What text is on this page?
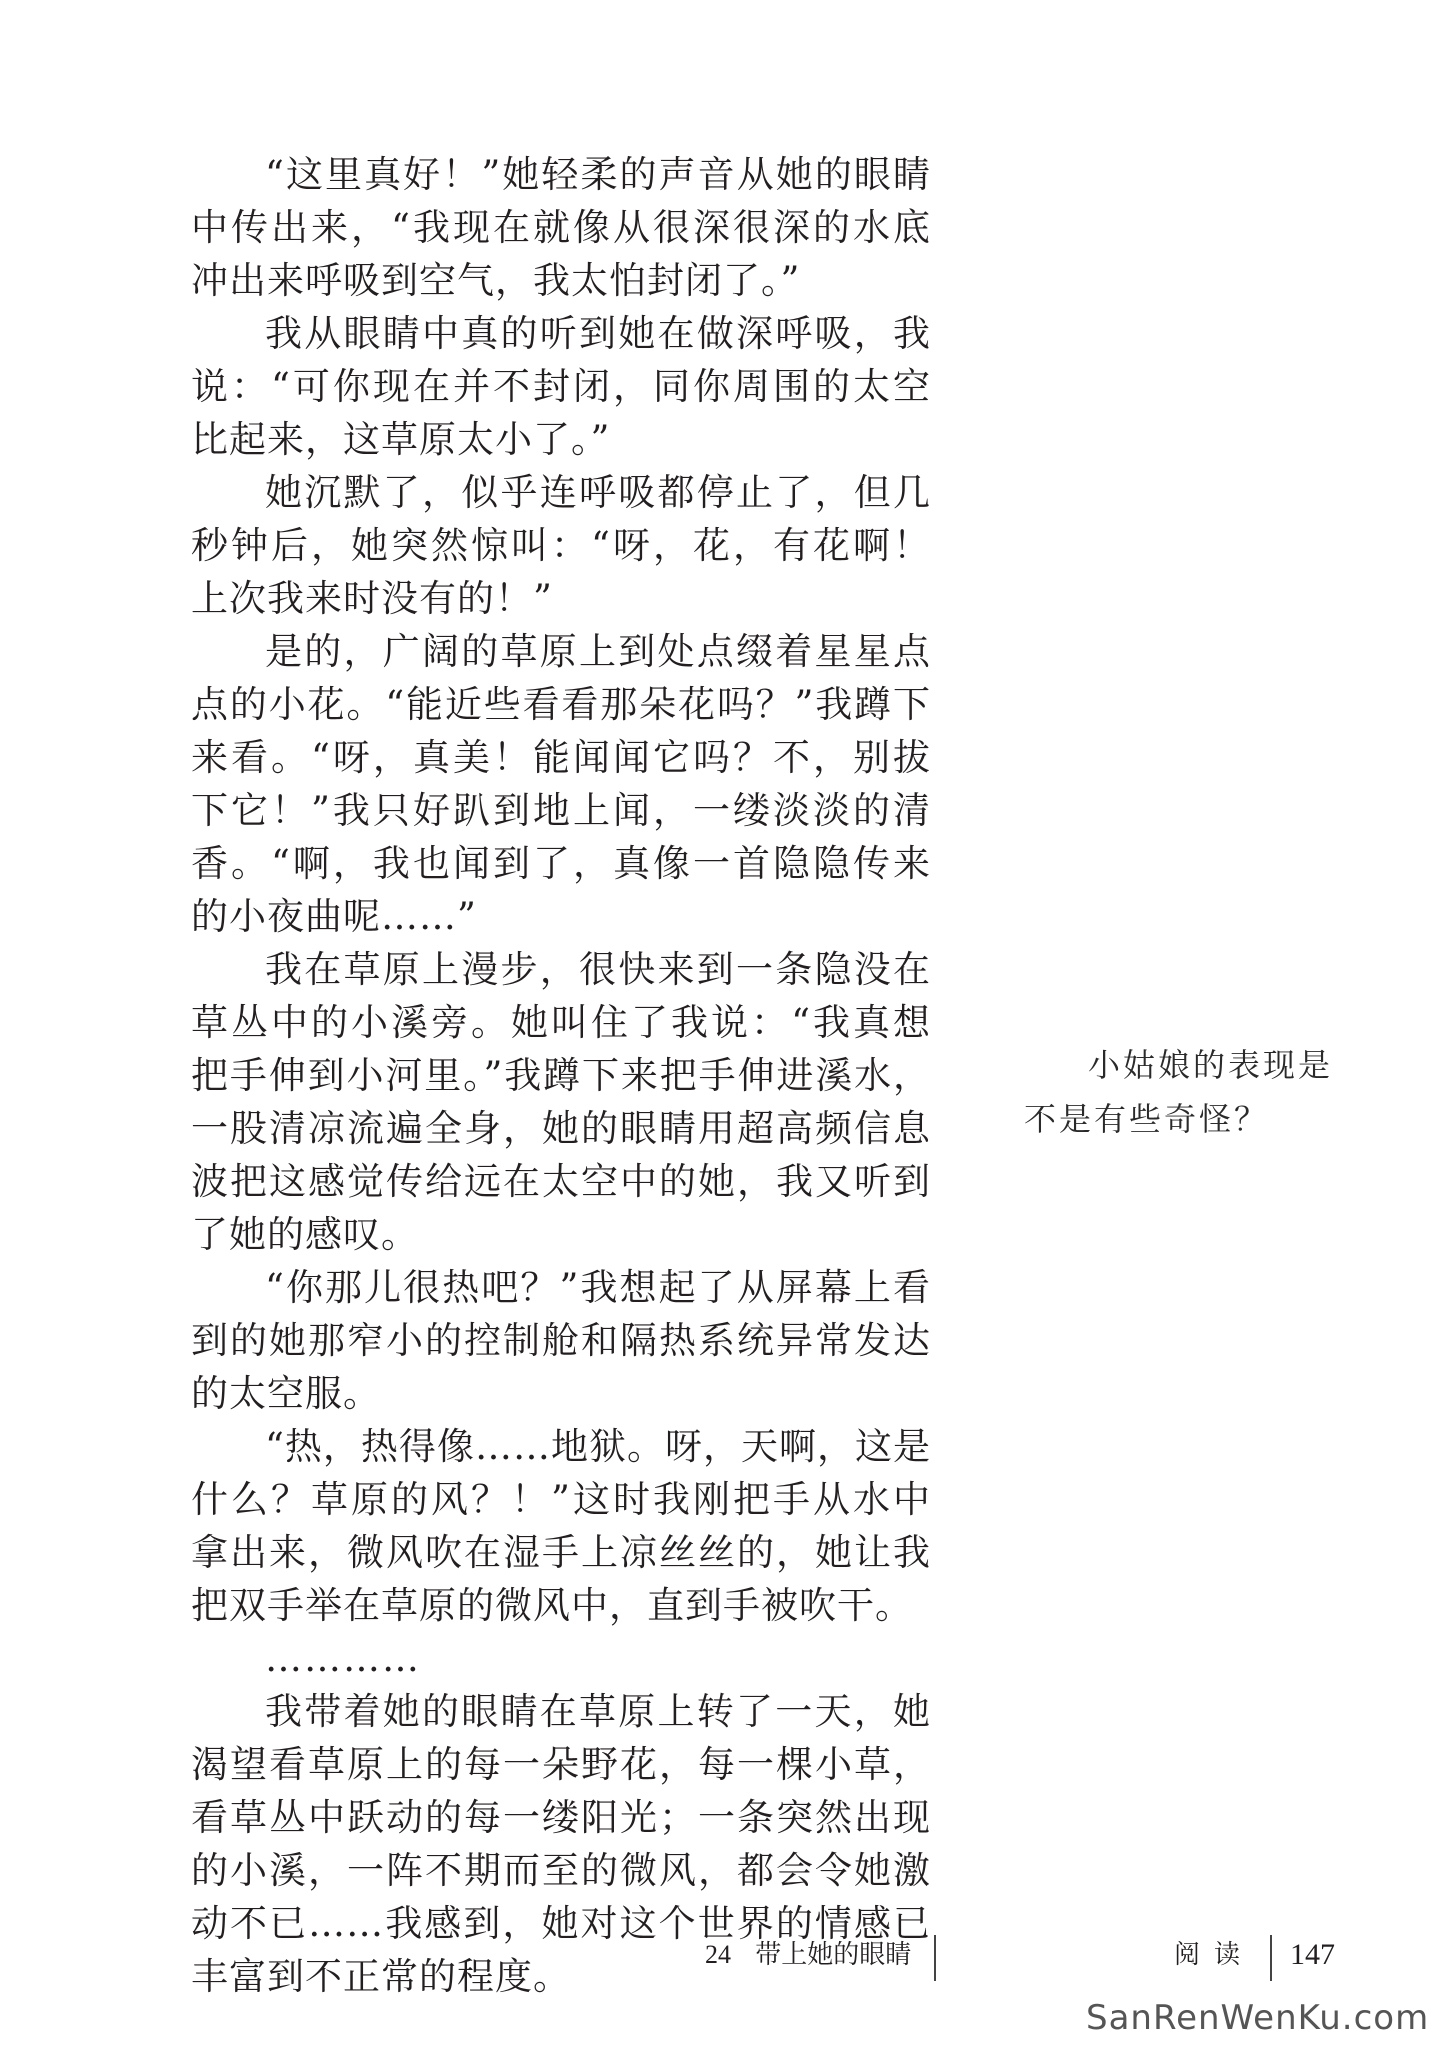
“这里真好！”她轻柔的声音从她的眼睛中传出来，“我现在就像从很深很深的水底冲出来呼吸到空气，我太怕封闭了。”

我从眼睛中真的听到她在做深呼吸，我说：“可你现在并不封闭，同你周围的太空比起来，这草原太小了。”

她沉默了，似乎连呼吸都停止了，但几秒钟后，她突然惊叫：“呀，花，有花啊！上次我来时没有的！”

是的，广阔的草原上到处点缀着星星点点的小花。“能近些看看那朵花吗？”我蹲下来看。“呀，真美！能闻闻它吗？不，别拔下它！”我只好趴到地上闻，一缕淡淡的清香。“啊，我也闻到了，真像一首隐隐传来的小夜曲呢……”

我在草原上漫步，很快来到一条隐没在草丛中的小溪旁。她叫住了我说：“我真想把手伸到小河里。”我蹲下来把手伸进溪水，一股清凉流遍全身，她的眼睛用超高频信息波把这感觉传给远在太空中的她，我又听到了她的感叹。

“你那儿很热吧？”我想起了从屏幕上看到的她那窄小的控制舱和隔热系统异常发达的太空服。

“热，热得像……地狱。呀，天啊，这是什么？草原的风？！”这时我刚把手从水中拿出来，微风吹在湿手上凉丝丝的，她让我把双手举在草原的微风中，直到手被吹干。

…………

我带着她的眼睛在草原上转了一天，她渴望看草原上的每一朵野花，每一棵小草，看草丛中跃动的每一缕阳光；一条突然出现的小溪，一阵不期而至的微风，都会令她激动不已……我感到，她对这个世界的情感已丰富到不正常的程度。

小姑娘的表现是不是有些奇怪？

24 带上她的眼睛	阅读 147
SanRenWenKu.com
